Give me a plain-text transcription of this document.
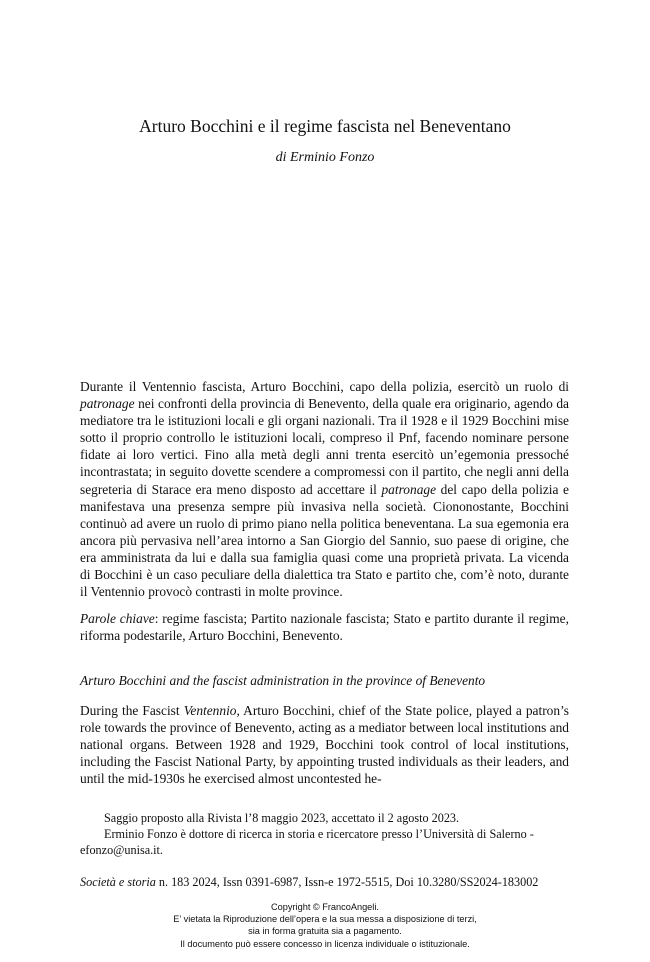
Arturo Bocchini e il regime fascista nel Beneventano
di Erminio Fonzo

Durante il Ventennio fascista, Arturo Bocchini, capo della polizia, esercitò un ruolo di patronage nei confronti della provincia di Benevento, della quale era originario, agendo da mediatore tra le istituzioni locali e gli organi nazionali. Tra il 1928 e il 1929 Bocchini mise sotto il proprio controllo le istituzioni locali, compreso il Pnf, facendo nominare persone fidate ai loro vertici. Fino alla metà degli anni trenta esercitò un’egemonia pressoché incontrastata; in seguito dovette scendere a compromessi con il partito, che negli anni della segreteria di Starace era meno disposto ad accettare il patronage del capo della polizia e manifestava una presenza sempre più invasiva nella società. Ciononostante, Bocchini continuò ad avere un ruolo di primo piano nella politica beneventana. La sua egemonia era ancora più pervasiva nell’area intorno a San Giorgio del Sannio, suo paese di origine, che era amministrata da lui e dalla sua famiglia quasi come una proprietà privata. La vicenda di Bocchini è un caso peculiare della dialettica tra Stato e partito che, com’è noto, durante il Ventennio provocò contrasti in molte province.

Parole chiave: regime fascista; Partito nazionale fascista; Stato e partito durante il regime, riforma podestarile, Arturo Bocchini, Benevento.

Arturo Bocchini and the fascist administration in the province of Benevento

During the Fascist Ventennio, Arturo Bocchini, chief of the State police, played a patron’s role towards the province of Benevento, acting as a mediator between local institutions and national organs. Between 1928 and 1929, Bocchini took control of local institutions, including the Fascist National Party, by appointing trusted individuals as their leaders, and until the mid-1930s he exercised almost uncontested he-

Saggio proposto alla Rivista l’8 maggio 2023, accettato il 2 agosto 2023.

Erminio Fonzo è dottore di ricerca in storia e ricercatore presso l’Università di Salerno - efonzo@unisa.it.

Società e storia n. 183 2024, Issn 0391-6987, Issn-e 1972-5515, Doi 10.3280/SS2024-183002
Copyright © FrancoAngeli.
E’ vietata la Riproduzione dell’opera e la sua messa a disposizione di terzi,
sia in forma gratuita sia a pagamento.
Il documento può essere concesso in licenza individuale o istituzionale.
